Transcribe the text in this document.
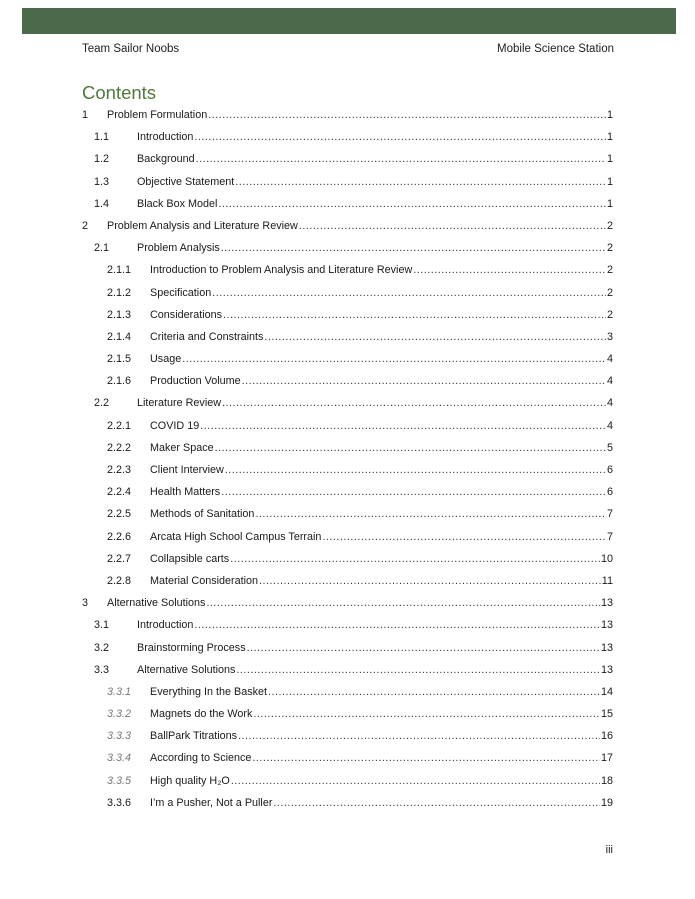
Team Sailor Noobs	Mobile Science Station
Contents
1 Problem Formulation .....	1
1.1	Introduction .....	1
1.2	Background .....	1
1.3	Objective Statement .....	1
1.4	Black Box Model .....	1
2 Problem Analysis and Literature Review .....	2
2.1	Problem Analysis .....	2
2.1.1 Introduction to Problem Analysis and Literature Review .....	2
2.1.2 Specification .....	2
2.1.3 Considerations .....	2
2.1.4 Criteria and Constraints .....	3
2.1.5 Usage .....	4
2.1.6 Production Volume .....	4
2.2	Literature Review .....	4
2.2.1 COVID 19 .....	4
2.2.2 Maker Space .....	5
2.2.3 Client Interview .....	6
2.2.4 Health Matters .....	6
2.2.5 Methods of Sanitation .....	7
2.2.6 Arcata High School Campus Terrain .....	7
2.2.7 Collapsible carts .....	10
2.2.8 Material Consideration .....	11
3 Alternative Solutions .....	13
3.1	Introduction .....	13
3.2	Brainstorming Process .....	13
3.3	Alternative Solutions .....	13
3.3.1 Everything In the Basket .....	14
3.3.2 Magnets do the Work .....	15
3.3.3 BallPark Titrations .....	16
3.3.4 According to Science .....	17
3.3.5 High quality H₂O .....	18
3.3.6 I’m a Pusher, Not a Puller .....	19
iii
